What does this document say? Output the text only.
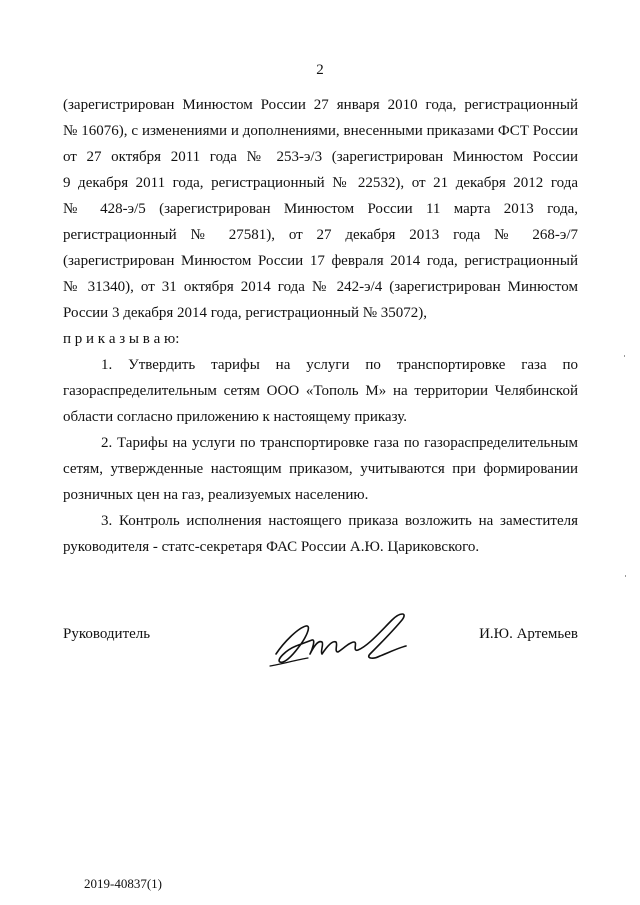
2
(зарегистрирован Минюстом России 27 января 2010 года, регистрационный
№ 16076), с изменениями и дополнениями, внесенными приказами ФСТ России
от 27 октября 2011 года № 253-э/3 (зарегистрирован Минюстом России
9 декабря 2011 года, регистрационный № 22532), от 21 декабря 2012 года
№ 428-э/5 (зарегистрирован Минюстом России 11 марта 2013 года,
регистрационный № 27581), от 27 декабря 2013 года № 268-э/7
(зарегистрирован Минюстом России 17 февраля 2014 года, регистрационный
№ 31340), от 31 октября 2014 года № 242-э/4 (зарегистрирован Минюстом
России 3 декабря 2014 года, регистрационный № 35072),
п р и к а з ы в а ю:
1. Утвердить тарифы на услуги по транспортировке газа по
газораспределительным сетям ООО «Тополь М» на территории Челябинской
области согласно приложению к настоящему приказу.
2. Тарифы на услуги по транспортировке газа по газораспределительным
сетям, утвержденные настоящим приказом, учитываются при формировании
розничных цен на газ, реализуемых населению.
3. Контроль исполнения настоящего приказа возложить на заместителя
руководителя - статс-секретаря ФАС России А.Ю. Цариковского.
Руководитель	И.Ю. Артемьев
2019-40837(1)
